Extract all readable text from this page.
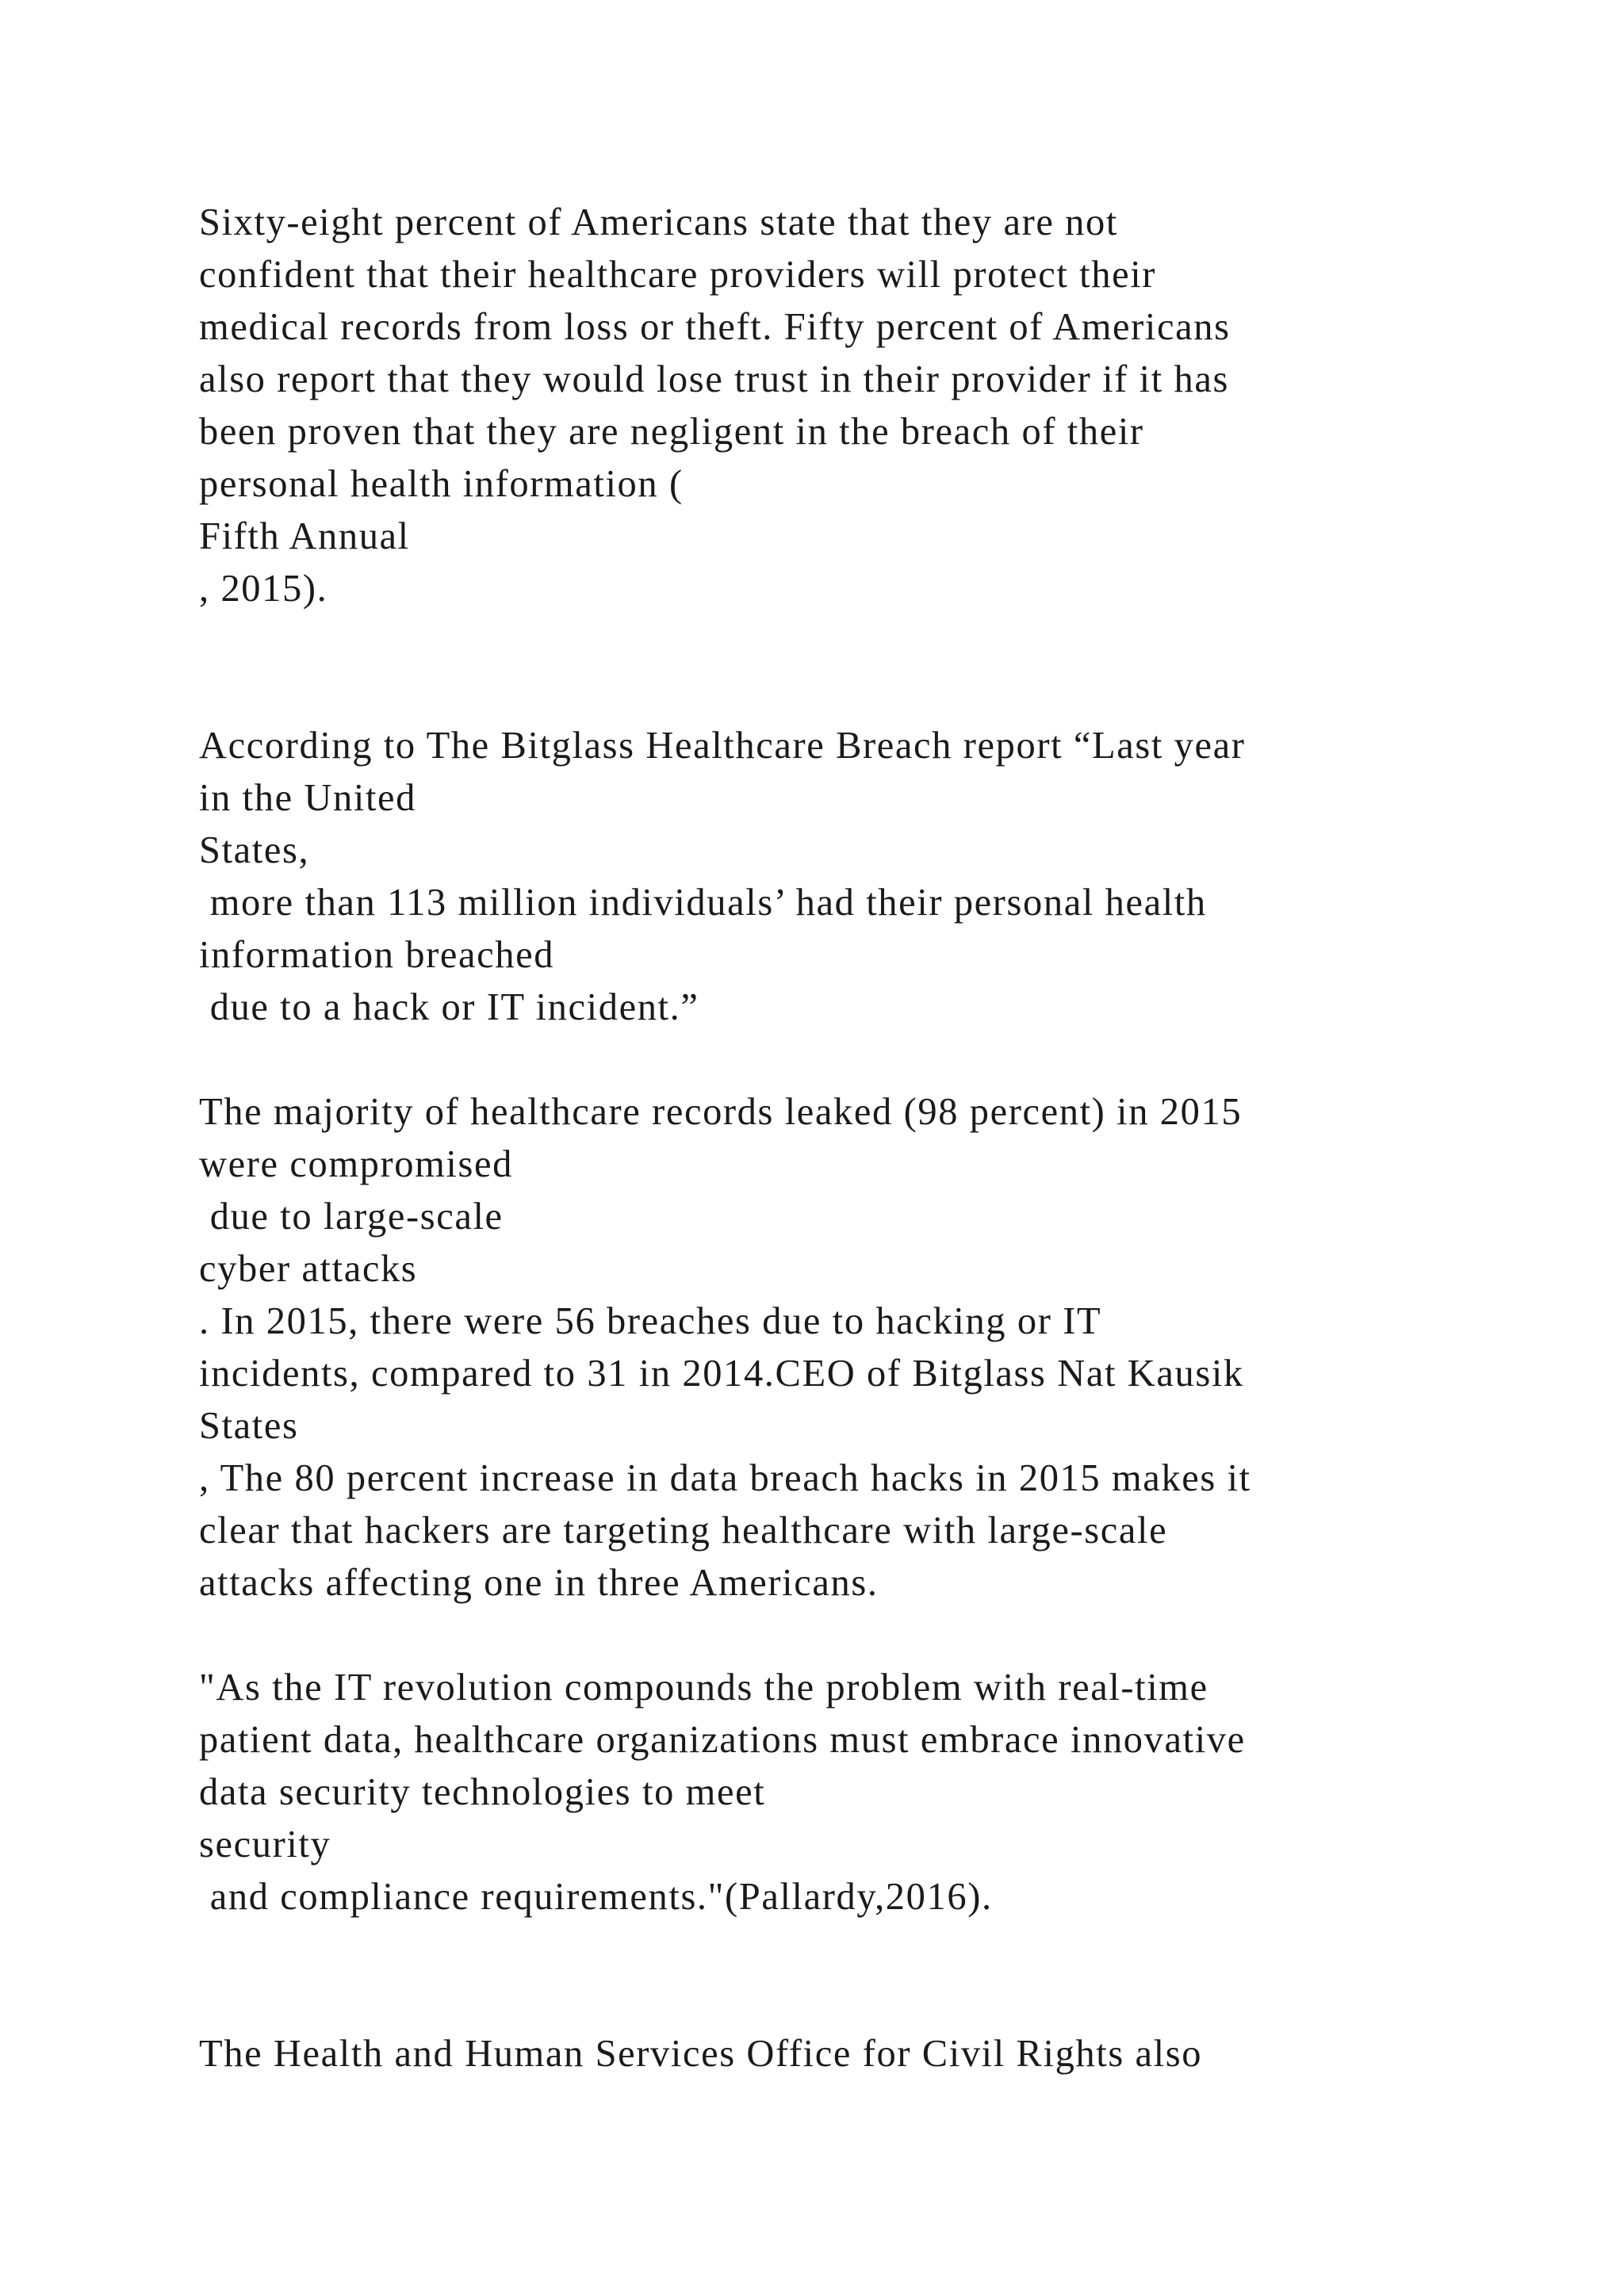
Sixty-eight percent of Americans state that they are not
confident that their healthcare providers will protect their
medical records from loss or theft. Fifty percent of Americans
also report that they would lose trust in their provider if it has
been proven that they are negligent in the breach of their
personal health information (
Fifth Annual
, 2015).
According to The Bitglass Healthcare Breach report “Last year
in the United
States,
more than 113 million individuals’ had their personal health
information breached
due to a hack or IT incident.”
The majority of healthcare records leaked (98 percent) in 2015
were compromised
due to large-scale
cyber attacks
. In 2015, there were 56 breaches due to hacking or IT
incidents, compared to 31 in 2014.CEO of Bitglass Nat Kausik
States
, The 80 percent increase in data breach hacks in 2015 makes it
clear that hackers are targeting healthcare with large-scale
attacks affecting one in three Americans.
"As the IT revolution compounds the problem with real-time
patient data, healthcare organizations must embrace innovative
data security technologies to meet
security
and compliance requirements."(Pallardy,2016).
The Health and Human Services Office for Civil Rights also
